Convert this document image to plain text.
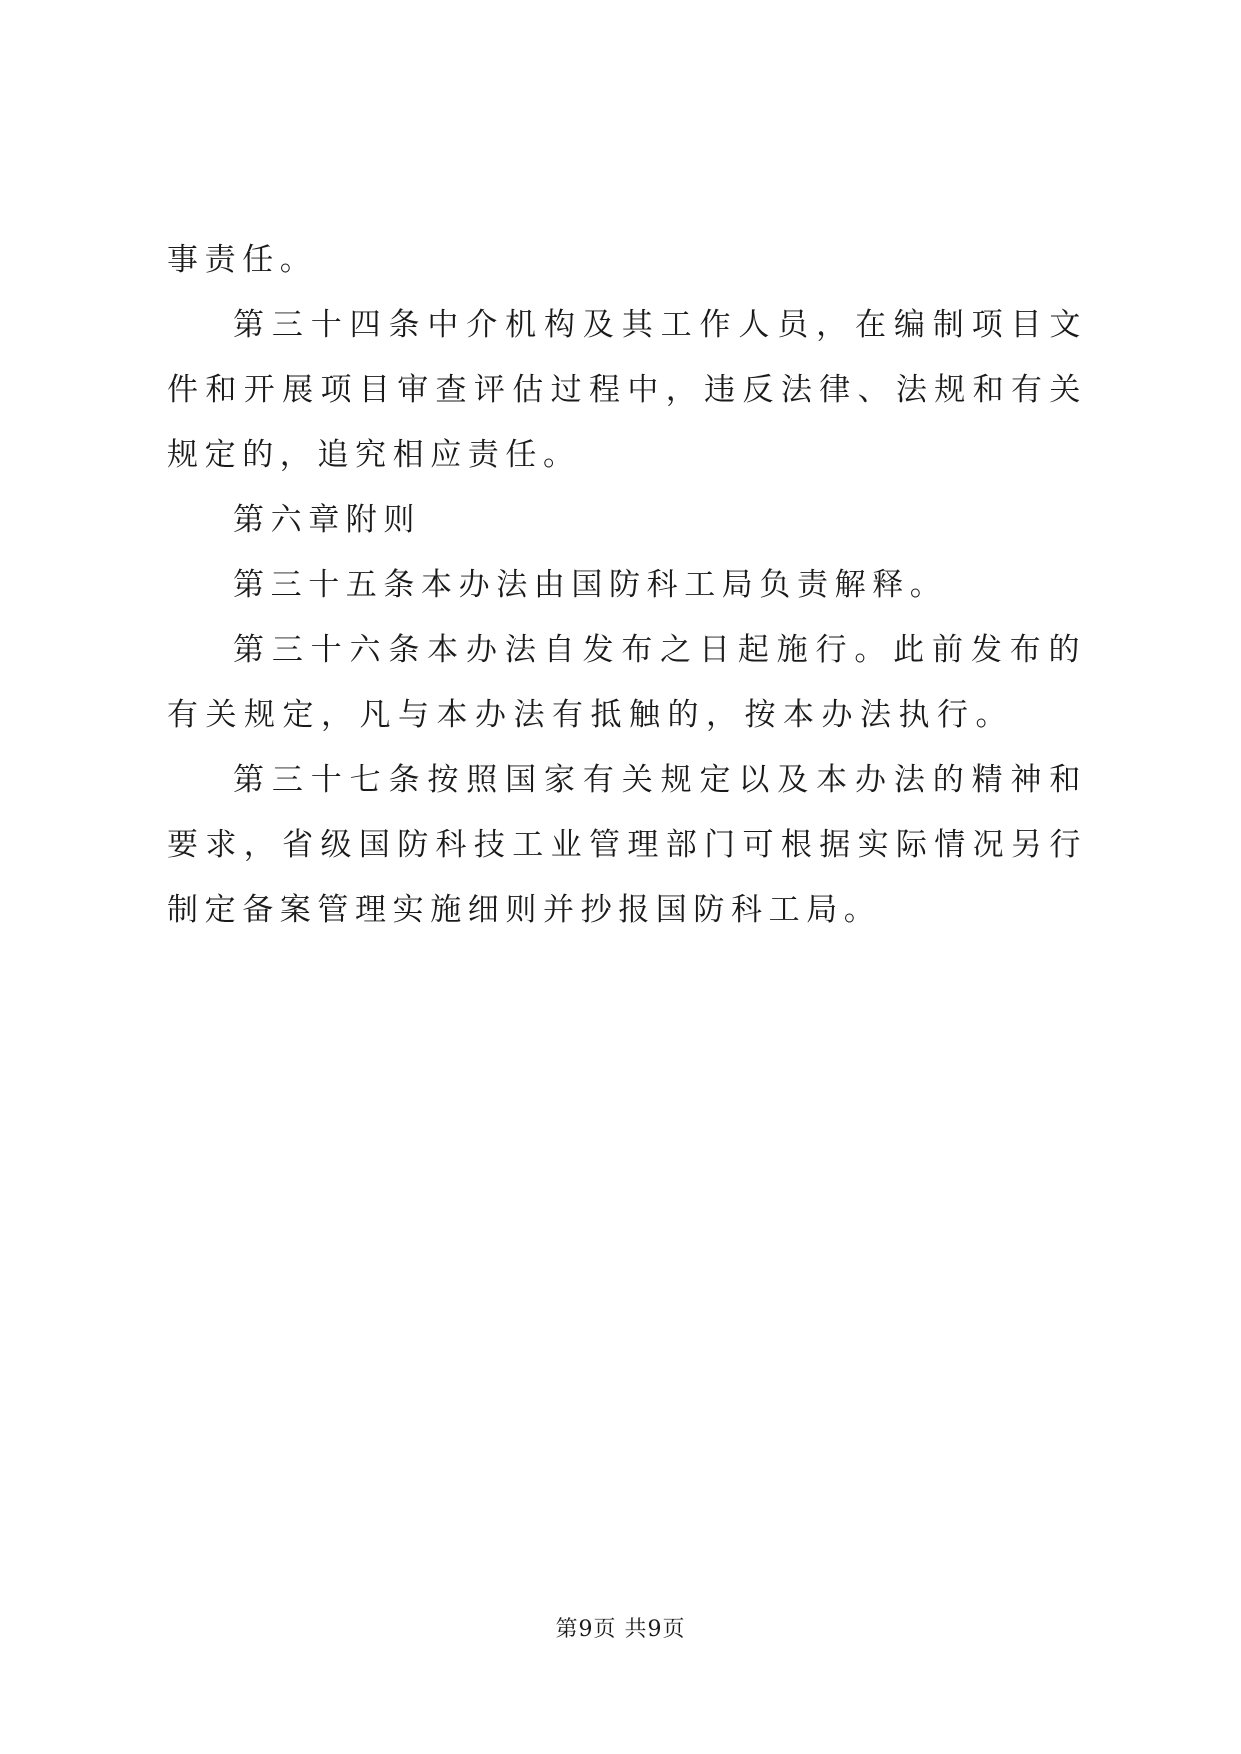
事责任。

第三十四条中介机构及其工作人员，在编制项目文件和开展项目审查评估过程中，违反法律、法规和有关规定的，追究相应责任。

第六章附则

第三十五条本办法由国防科工局负责解释。

第三十六条本办法自发布之日起施行。此前发布的有关规定，凡与本办法有抵触的，按本办法执行。

第三十七条按照国家有关规定以及本办法的精神和要求，省级国防科技工业管理部门可根据实际情况另行制定备案管理实施细则并抄报国防科工局。

第9页 共9页
